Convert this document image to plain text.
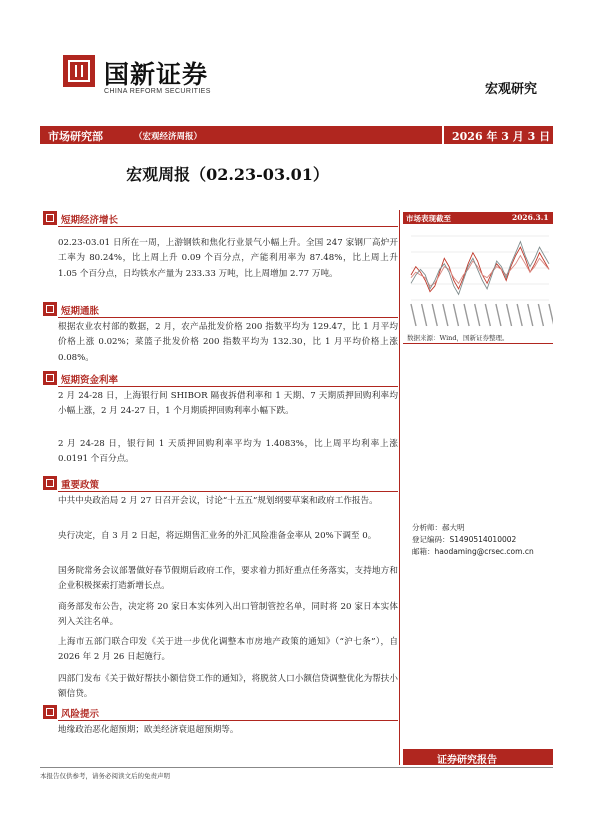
国新证券
CHINA REFORM SECURITIES	宏观研究
市场研究部	（宏观经济周报）	2026 年 3 月 3 日
宏观周报（02.23-03.01）
短期经济增长
02.23-03.01 日所在一周，上游钢铁和焦化行业景气小幅上升。全国 247 家钢厂高炉开工率为 80.24%，比上周上升 0.09 个百分点，产能利用率为 87.48%，比上周上升 1.05 个百分点，日均铁水产量为 233.33 万吨，比上周增加 2.77 万吨。
短期通胀
根据农业农村部的数据，2 月，农产品批发价格 200 指数平均为 129.47，比 1 月平均价格上涨 0.02%；菜篮子批发价格 200 指数平均为 132.30，比 1 月平均价格上涨 0.08%。
短期资金利率
2 月 24-28 日，上海银行间 SHIBOR 隔夜拆借利率和 1 天期、7 天期质押回购利率均小幅上涨，2 月 24-27 日，1 个月期质押回购利率小幅下跌。
2 月 24-28 日，银行间 1 天质押回购利率平均为 1.4083%，比上周平均利率上涨 0.0191 个百分点。
重要政策
中共中央政治局 2 月 27 日召开会议，讨论“十五五”规划纲要草案和政府工作报告。
央行决定，自 3 月 2 日起，将远期售汇业务的外汇风险准备金率从 20%下调至 0。
国务院常务会议部署做好春节假期后政府工作，要求着力抓好重点任务落实，支持地方和企业积极探索打造新增长点。
商务部发布公告，决定将 20 家日本实体列入出口管制管控名单，同时将 20 家日本实体列入关注名单。
上海市五部门联合印发《关于进一步优化调整本市房地产政策的通知》（“沪七条”），自 2026 年 2 月 26 日起施行。
四部门发布《关于做好帮扶小额信贷工作的通知》，将脱贫人口小额信贷调整优化为帮扶小额信贷。
风险提示
地缘政治恶化超预期；欧美经济衰退超预期等。
市场表现截至	2026.3.1
数据来源：Wind，国新证券整理。
分析师：郝大明
登记编码：S1490514010002
邮箱：haodaming@crsec.com.cn
证券研究报告
本报告仅供参考，请务必阅读文后的免责声明
